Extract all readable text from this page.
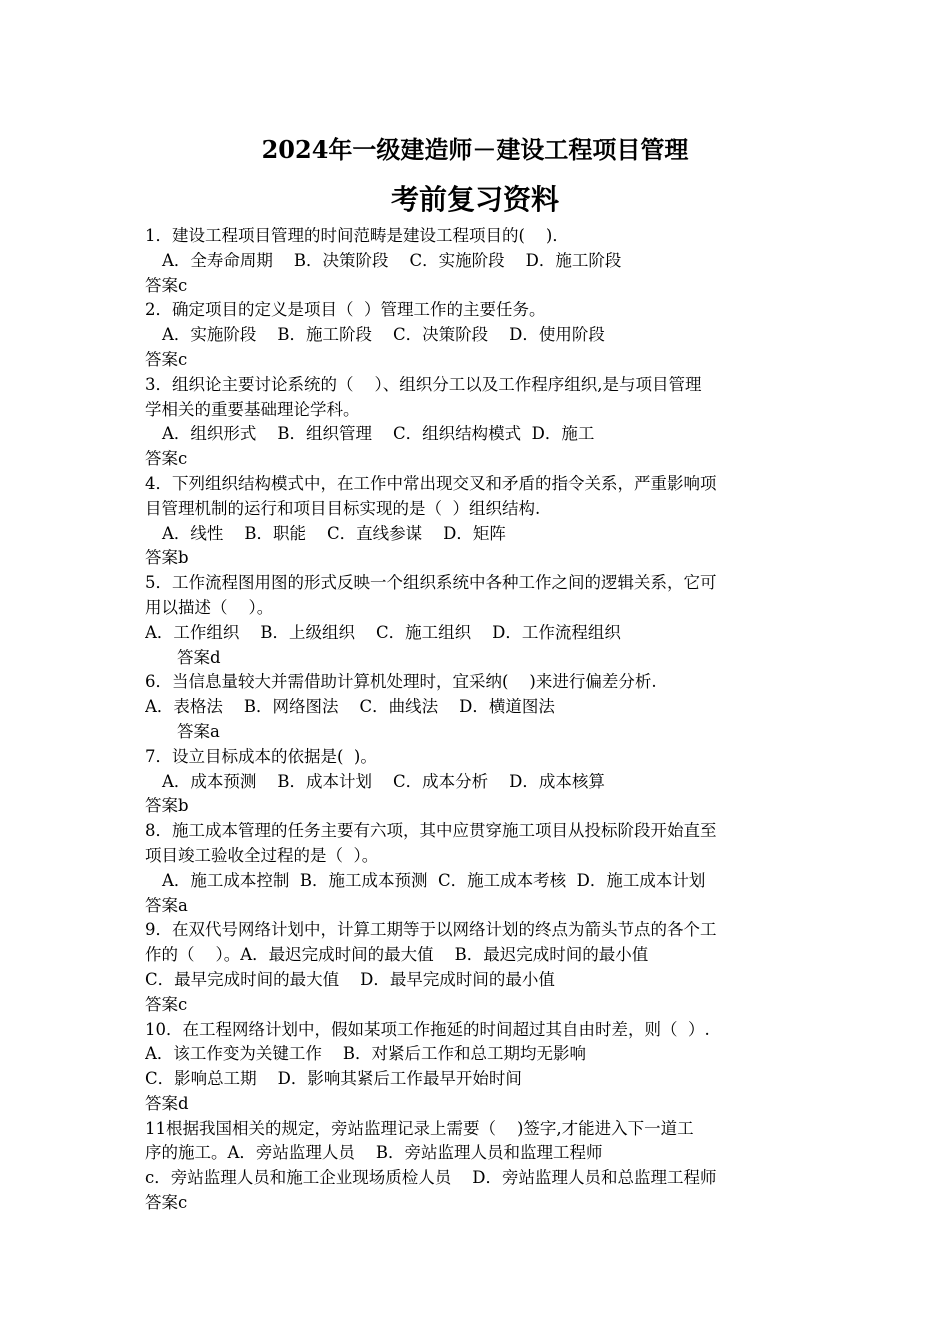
2024年一级建造师－建设工程项目管理
考前复习资料
1．建设工程项目管理的时间范畴是建设工程项目的(    )．
A．全寿命周期    B．决策阶段    C．实施阶段    D．施工阶段
答案c
2．确定项目的定义是项目（  ）管理工作的主要任务。
A．实施阶段    B．施工阶段    C．决策阶段    D．使用阶段
答案c
3．组织论主要讨论系统的（    ）、组织分工以及工作程序组织,是与项目管理
学相关的重要基础理论学科。
A．组织形式    B．组织管理    C．组织结构模式  D．施工
答案c
4．下列组织结构模式中，在工作中常出现交叉和矛盾的指令关系，严重影响项
目管理机制的运行和项目目标实现的是（  ）组织结构.
A．线性    B．职能    C．直线参谋    D．矩阵
答案b
5．工作流程图用图的形式反映一个组织系统中各种工作之间的逻辑关系，它可
用以描述（    ）。
A．工作组织    B．上级组织    C．施工组织    D．工作流程组织
答案d
6．当信息量较大并需借助计算机处理时，宜采纳(    )来进行偏差分析.
A．表格法    B．网络图法    C．曲线法    D．横道图法
答案a
7．设立目标成本的依据是(  )。
A．成本预测    B．成本计划    C．成本分析    D．成本核算
答案b
8．施工成本管理的任务主要有六项，其中应贯穿施工项目从投标阶段开始直至
项目竣工验收全过程的是（  ）。
A．施工成本控制  B．施工成本预测  C．施工成本考核  D．施工成本计划
答案a
9．在双代号网络计划中，计算工期等于以网络计划的终点为箭头节点的各个工
作的（    ）。A．最迟完成时间的最大值    B．最迟完成时间的最小值
C．最早完成时间的最大值    D．最早完成时间的最小值
答案c
10．在工程网络计划中，假如某项工作拖延的时间超过其自由时差，则（  ）.
A．该工作变为关键工作    B．对紧后工作和总工期均无影响
C．影响总工期    D．影响其紧后工作最早开始时间
答案d
11根据我国相关的规定，旁站监理记录上需要（    )签字,才能进入下一道工
序的施工。A．旁站监理人员    B．旁站监理人员和监理工程师
c．旁站监理人员和施工企业现场质检人员    D．旁站监理人员和总监理工程师
答案c
